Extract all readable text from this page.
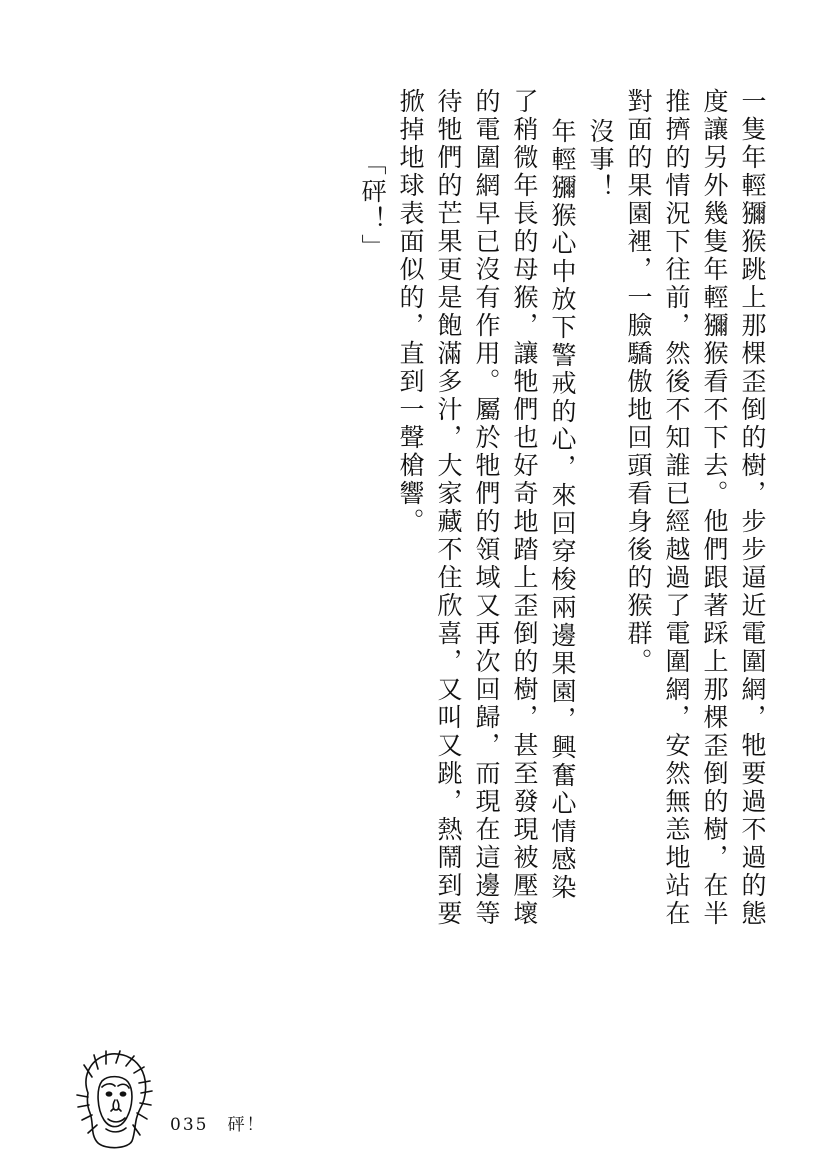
一隻年輕獼猴跳上那棵歪倒的樹，步步逼近電圍網，牠要過不過的態
度讓另外幾隻年輕獼猴看不下去。他們跟著踩上那棵歪倒的樹，在半
推擠的情況下往前，然後不知誰已經越過了電圍網，安然無恙地站在
對面的果園裡，一臉驕傲地回頭看身後的猴群。
沒事！
年輕獼猴心中放下警戒的心，來回穿梭兩邊果園，興奮心情感染
了稍微年長的母猴，讓牠們也好奇地踏上歪倒的樹，甚至發現被壓壞
的電圍網早已沒有作用。屬於牠們的領域又再次回歸，而現在這邊等
待牠們的芒果更是飽滿多汁，大家藏不住欣喜，又叫又跳，熱鬧到要
掀掉地球表面似的，直到一聲槍響。
「砰！」
035　砰！
